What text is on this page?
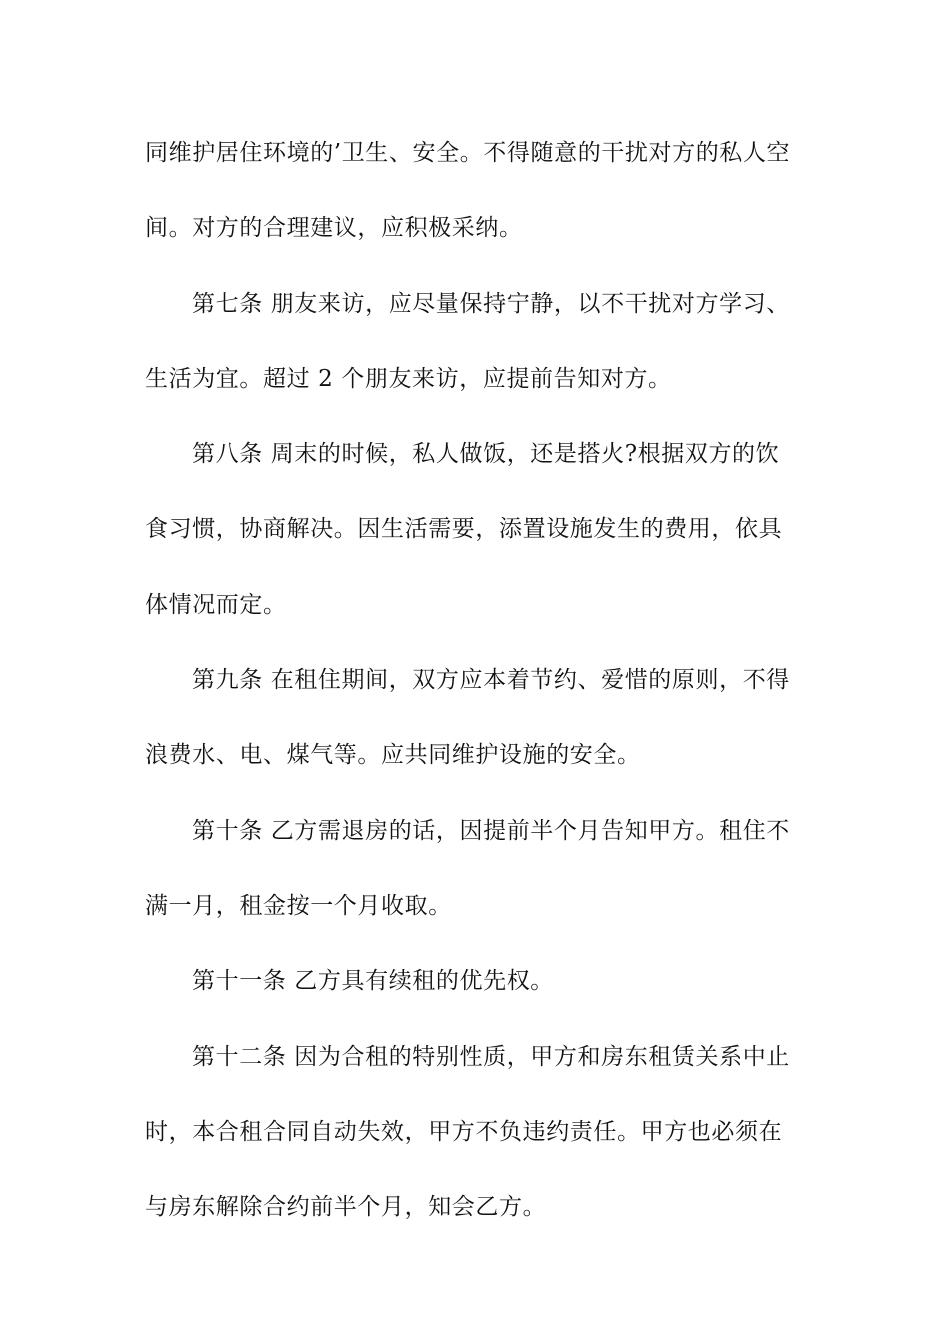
同维护居住环境的’卫生、安全。不得随意的干扰对方的私人空
间。对方的合理建议，应积极采纳。
第七条 朋友来访，应尽量保持宁静，以不干扰对方学习、
生活为宜。超过 2 个朋友来访，应提前告知对方。
第八条 周末的时候，私人做饭，还是搭火?根据双方的饮
食习惯，协商解决。因生活需要，添置设施发生的费用，依具
体情况而定。
第九条 在租住期间，双方应本着节约、爱惜的原则，不得
浪费水、电、煤气等。应共同维护设施的安全。
第十条 乙方需退房的话，因提前半个月告知甲方。租住不
满一月，租金按一个月收取。
第十一条 乙方具有续租的优先权。
第十二条 因为合租的特别性质，甲方和房东租赁关系中止
时，本合租合同自动失效，甲方不负违约责任。甲方也必须在
与房东解除合约前半个月，知会乙方。
